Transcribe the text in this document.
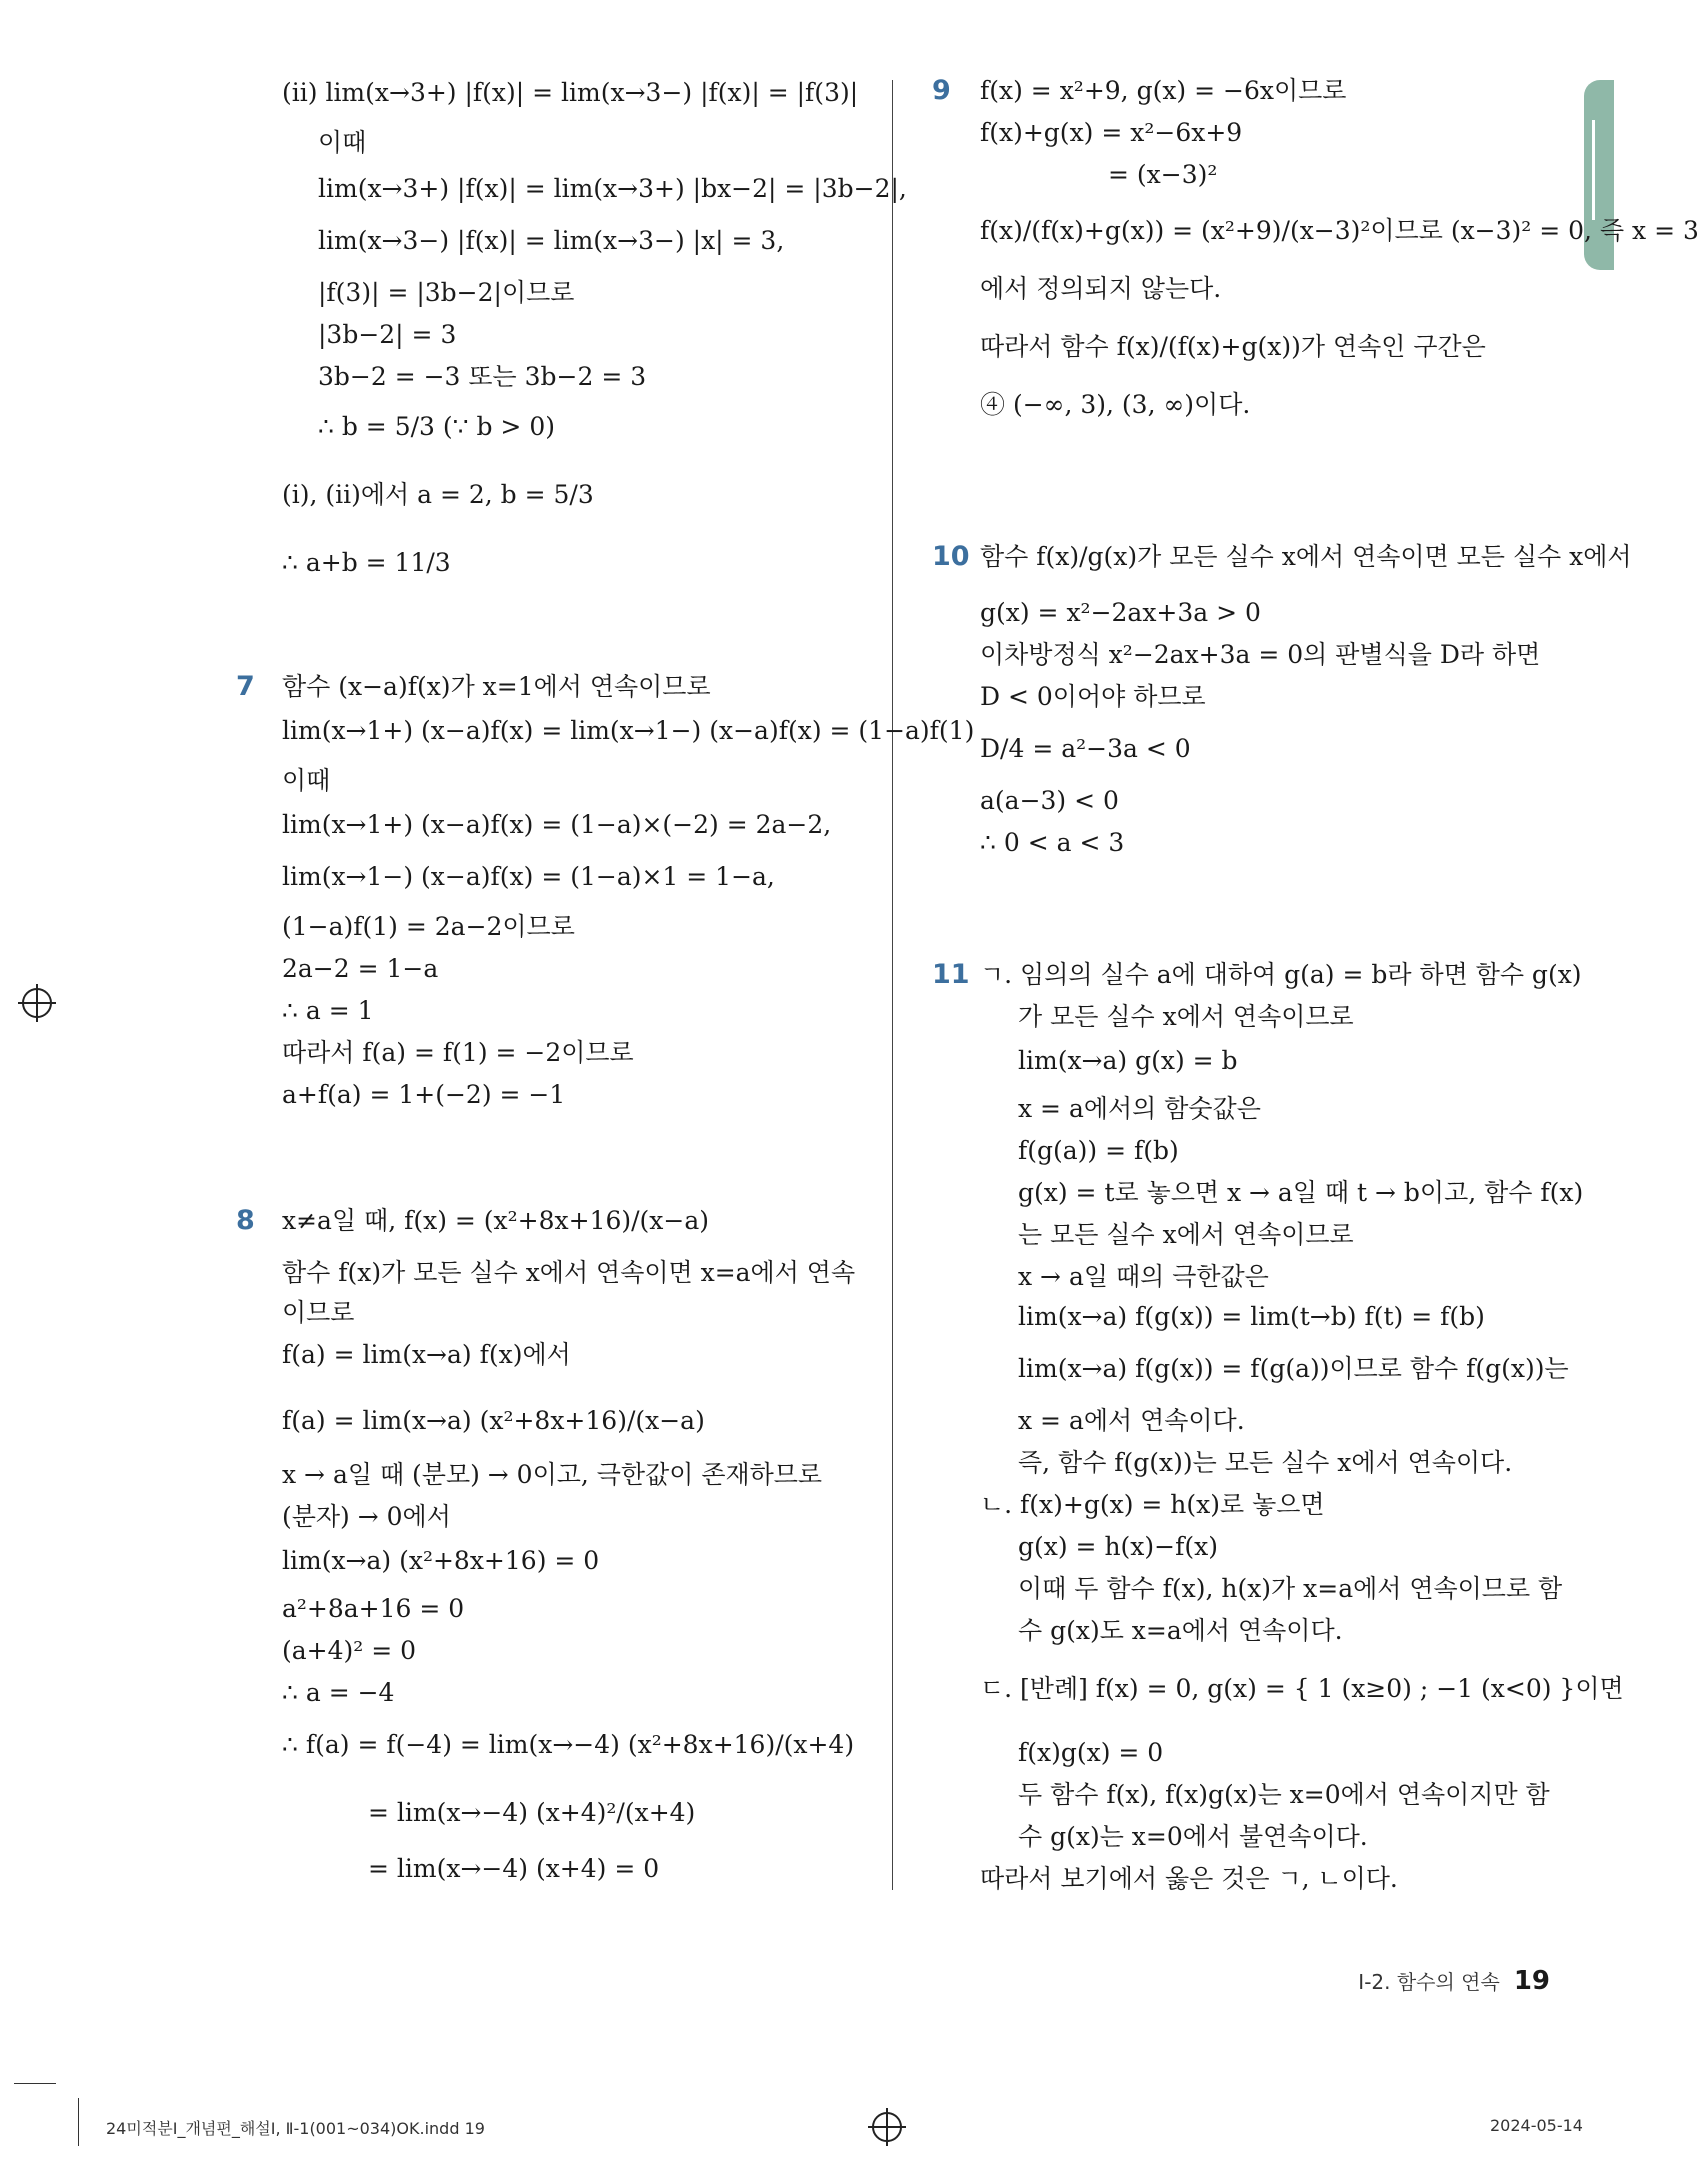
(ⅱ) lim(x→3+) |f(x)| = lim(x→3−) |f(x)| = |f(3)|
이때
lim(x→3+) |f(x)| = lim(x→3+) |bx−2| = |3b−2|,
lim(x→3−) |f(x)| = lim(x→3−) |x| = 3,
|f(3)| = |3b−2|이므로
|3b−2| = 3
3b−2 = −3 또는 3b−2 = 3
∴ b = 5/3 (∵ b > 0)
(ⅰ), (ⅱ)에서 a = 2, b = 5/3
∴ a+b = 11/3
7 함수 (x−a)f(x)가 x=1에서 연속이므로
lim(x→1+) (x−a)f(x) = lim(x→1−) (x−a)f(x) = (1−a)f(1)
이때
lim(x→1+) (x−a)f(x) = (1−a)×(−2) = 2a−2,
lim(x→1−) (x−a)f(x) = (1−a)×1 = 1−a,
(1−a)f(1) = 2a−2이므로
2a−2 = 1−a
∴ a = 1
따라서 f(a) = f(1) = −2이므로
a+f(a) = 1+(−2) = −1
8 x≠a일 때, f(x) = (x²+8x+16)/(x−a)
함수 f(x)가 모든 실수 x에서 연속이면 x=a에서 연속
이므로
f(a) = lim(x→a) f(x)에서
f(a) = lim(x→a) (x²+8x+16)/(x−a)
x → a일 때 (분모) → 0이고, 극한값이 존재하므로
(분자) → 0에서
lim(x→a) (x²+8x+16) = 0
a²+8a+16 = 0
(a+4)² = 0
∴ a = −4
∴ f(a) = f(−4) = lim(x→−4) (x²+8x+16)/(x+4)
= lim(x→−4) (x+4)²/(x+4)
= lim(x→−4) (x+4) = 0
9 f(x) = x²+9, g(x) = −6x이므로
f(x)+g(x) = x²−6x+9
= (x−3)²
f(x)/(f(x)+g(x)) = (x²+9)/(x−3)²이므로 (x−3)² = 0, 즉 x = 3
에서 정의되지 않는다.
따라서 함수 f(x)/(f(x)+g(x))가 연속인 구간은
④ (−∞, 3), (3, ∞)이다.
10 함수 f(x)/g(x)가 모든 실수 x에서 연속이면 모든 실수 x에서
g(x) = x²−2ax+3a > 0
이차방정식 x²−2ax+3a = 0의 판별식을 D라 하면
D < 0이어야 하므로
D/4 = a²−3a < 0
a(a−3) < 0
∴ 0 < a < 3
11 ㄱ. 임의의 실수 a에 대하여 g(a) = b라 하면 함수 g(x)
가 모든 실수 x에서 연속이므로
lim(x→a) g(x) = b
x = a에서의 함숫값은
f(g(a)) = f(b)
g(x) = t로 놓으면 x → a일 때 t → b이고, 함수 f(x)
는 모든 실수 x에서 연속이므로
x → a일 때의 극한값은
lim(x→a) f(g(x)) = lim(t→b) f(t) = f(b)
lim(x→a) f(g(x)) = f(g(a))이므로 함수 f(g(x))는
x = a에서 연속이다.
즉, 함수 f(g(x))는 모든 실수 x에서 연속이다.
ㄴ. f(x)+g(x) = h(x)로 놓으면
g(x) = h(x)−f(x)
이때 두 함수 f(x), h(x)가 x=a에서 연속이므로 함
수 g(x)도 x=a에서 연속이다.
ㄷ. [반례] f(x) = 0, g(x) = { 1 (x≥0) ; −1 (x<0) }이면
f(x)g(x) = 0
두 함수 f(x), f(x)g(x)는 x=0에서 연속이지만 함
수 g(x)는 x=0에서 불연속이다.
따라서 보기에서 옳은 것은 ㄱ, ㄴ이다.
Ⅰ-2. 함수의 연속 19
24미적분Ⅰ_개념편_해설Ⅰ, Ⅱ-1(001~034)OK.indd 19	2024-05-14
